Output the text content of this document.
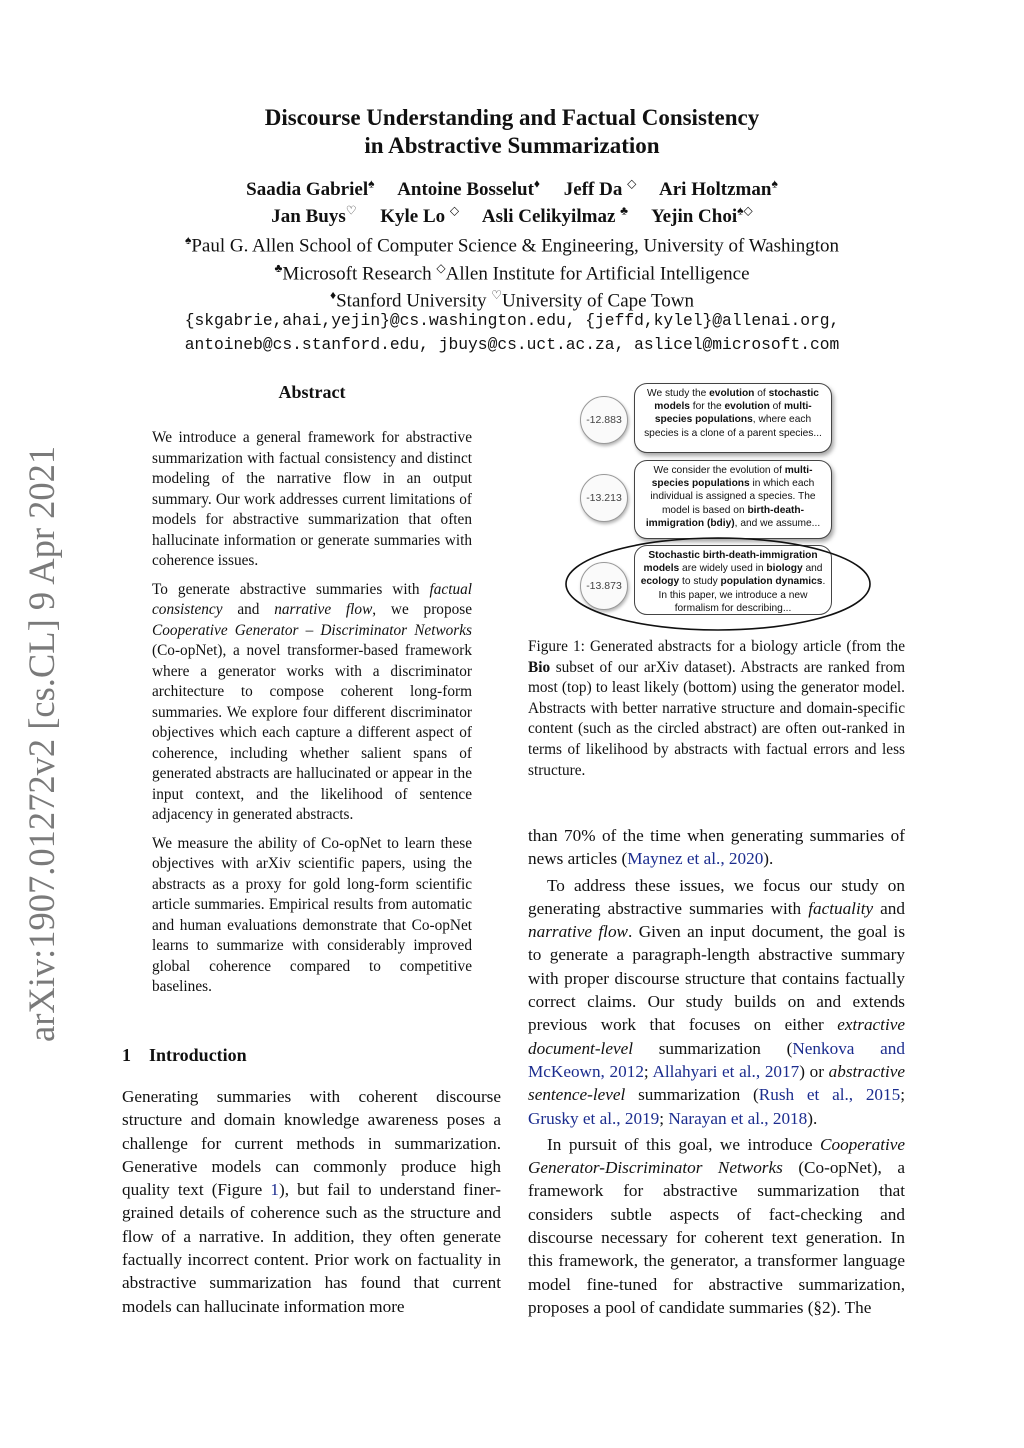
arXiv:1907.01272v2 [cs.CL] 9 Apr 2021
Discourse Understanding and Factual Consistency
in Abstractive Summarization
Saadia Gabriel♠ Antoine Bosselut♦ Jeff Da ◇ Ari Holtzman♠
Jan Buys♡ Kyle Lo ◇ Asli Celikyilmaz ♣ Yejin Choi♠◇
♠Paul G. Allen School of Computer Science & Engineering, University of Washington
♣Microsoft Research ◇Allen Institute for Artificial Intelligence
♦Stanford University ♡University of Cape Town
{skgabrie,ahai,yejin}@cs.washington.edu, {jeffd,kylel}@allenai.org,
antoineb@cs.stanford.edu, jbuys@cs.uct.ac.za, aslicel@microsoft.com
Abstract

We introduce a general framework for abstractive summarization with factual consistency and distinct modeling of the narrative flow in an output summary. Our work addresses current limitations of models for abstractive summarization that often hallucinate information or generate summaries with coherence issues.

To generate abstractive summaries with factual consistency and narrative flow, we propose Cooperative Generator – Discriminator Networks (Co-opNet), a novel transformer-based framework where a generator works with a discriminator architecture to compose coherent long-form summaries. We explore four different discriminator objectives which each capture a different aspect of coherence, including whether salient spans of generated abstracts are hallucinated or appear in the input context, and the likelihood of sentence adjacency in generated abstracts.

We measure the ability of Co-opNet to learn these objectives with arXiv scientific papers, using the abstracts as a proxy for gold long-form scientific article summaries. Empirical results from automatic and human evaluations demonstrate that Co-opNet learns to summarize with considerably improved global coherence compared to competitive baselines.

1 Introduction

Generating summaries with coherent discourse structure and domain knowledge awareness poses a challenge for current methods in summarization. Generative models can commonly produce high quality text (Figure 1), but fail to understand finer-grained details of coherence such as the structure and flow of a narrative. In addition, they often generate factually incorrect content. Prior work on factuality in abstractive summarization has found that current models can hallucinate information more

-12.883
We study the evolution of stochastic models for the evolution of multi-species populations, where each species is a clone of a parent species...
-13.213
We consider the evolution of multi-species populations in which each individual is assigned a species. The model is based on birth-death-immigration (bdiy), and we assume...
-13.873
Stochastic birth-death-immigration models are widely used in biology and ecology to study population dynamics. In this paper, we introduce a new formalism for describing...
Figure 1: Generated abstracts for a biology article (from the Bio subset of our arXiv dataset). Abstracts are ranked from most (top) to least likely (bottom) using the generator model. Abstracts with better narrative structure and domain-specific content (such as the circled abstract) are often out-ranked in terms of likelihood by abstracts with factual errors and less structure.

than 70% of the time when generating summaries of news articles (Maynez et al., 2020).

To address these issues, we focus our study on generating abstractive summaries with factuality and narrative flow. Given an input document, the goal is to generate a paragraph-length abstractive summary with proper discourse structure that contains factually correct claims. Our study builds on and extends previous work that focuses on either extractive document-level summarization (Nenkova and McKeown, 2012; Allahyari et al., 2017) or abstractive sentence-level summarization (Rush et al., 2015; Grusky et al., 2019; Narayan et al., 2018).

In pursuit of this goal, we introduce Cooperative Generator-Discriminator Networks (Co-opNet), a framework for abstractive summarization that considers subtle aspects of fact-checking and discourse necessary for coherent text generation. In this framework, the generator, a transformer language model fine-tuned for abstractive summarization, proposes a pool of candidate summaries (§2). The
